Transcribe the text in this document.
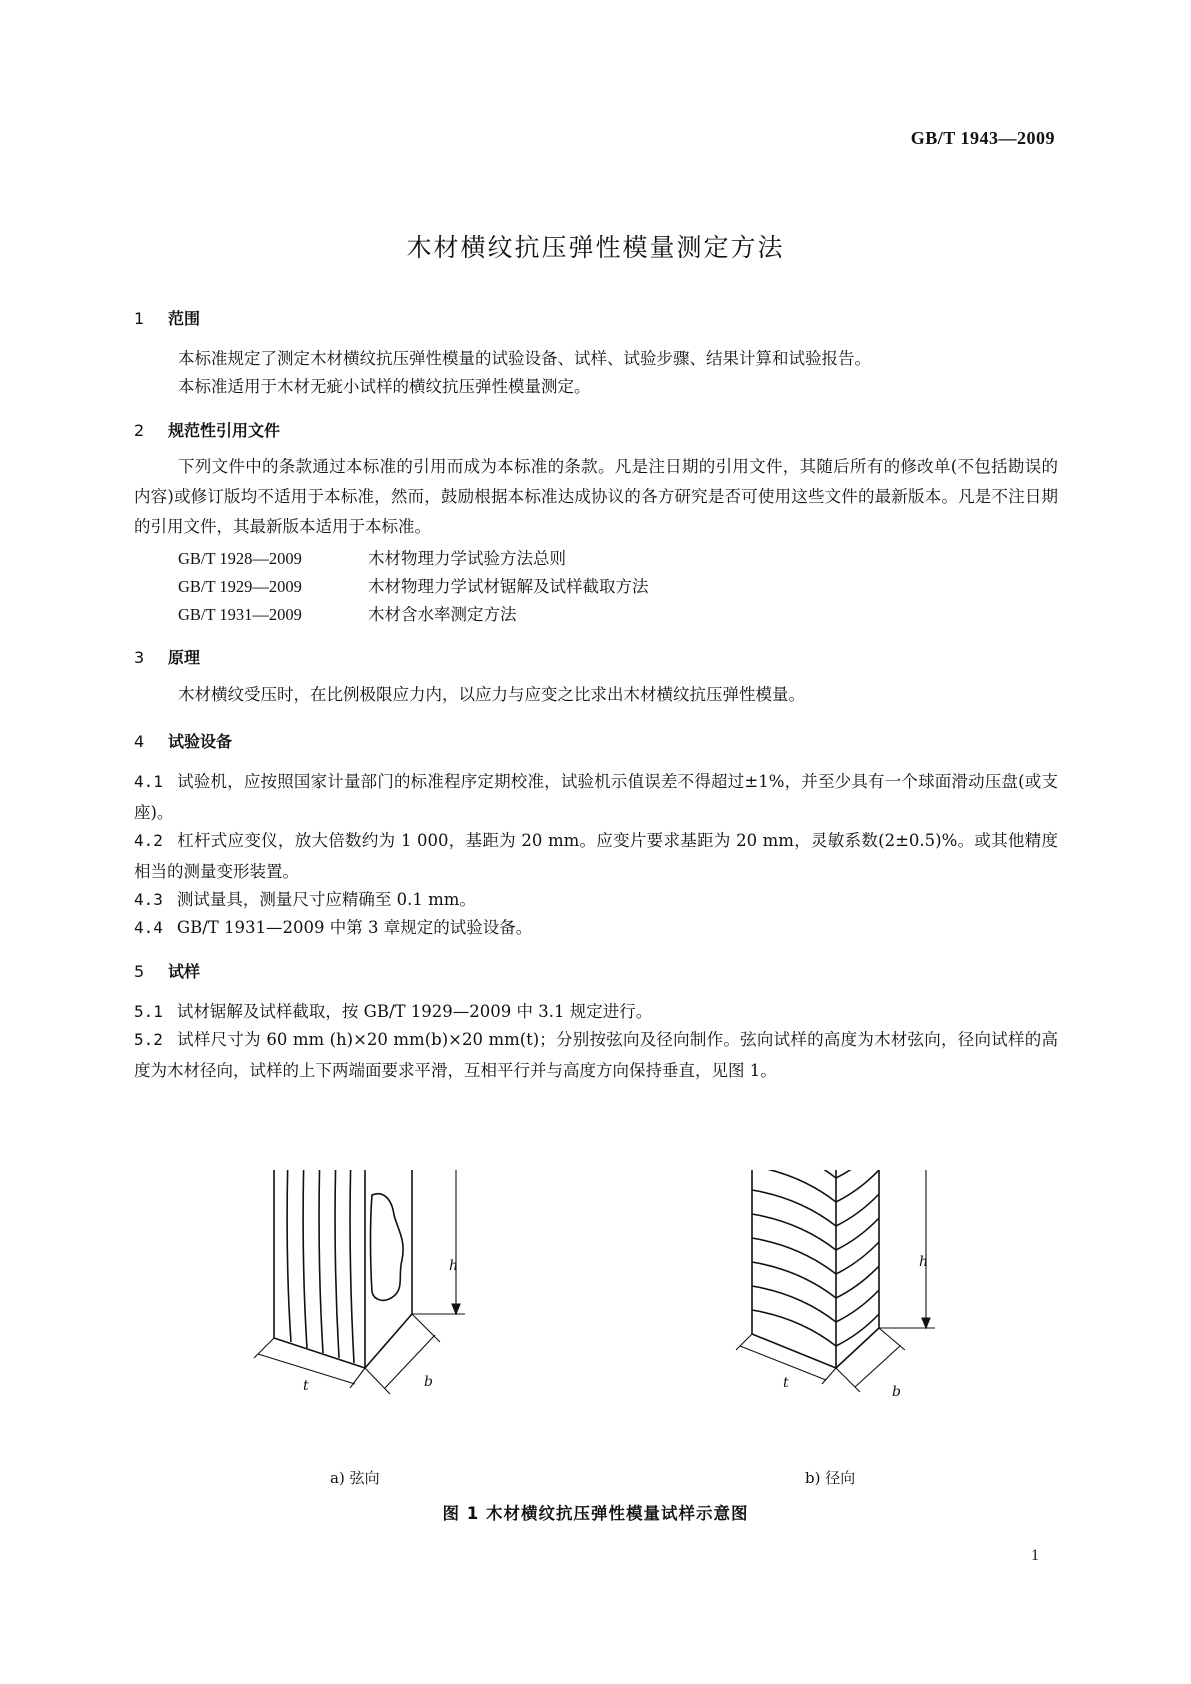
GB/T 1943—2009
木材横纹抗压弹性模量测定方法
1 范围
本标准规定了测定木材横纹抗压弹性模量的试验设备、试样、试验步骤、结果计算和试验报告。
本标准适用于木材无疵小试样的横纹抗压弹性模量测定。
2 规范性引用文件
下列文件中的条款通过本标准的引用而成为本标准的条款。凡是注日期的引用文件，其随后所有的修改单(不包括勘误的内容)或修订版均不适用于本标准，然而，鼓励根据本标准达成协议的各方研究是否可使用这些文件的最新版本。凡是不注日期的引用文件，其最新版本适用于本标准。
GB/T 1928—2009	木材物理力学试验方法总则
GB/T 1929—2009	木材物理力学试材锯解及试样截取方法
GB/T 1931—2009	木材含水率测定方法
3 原理
木材横纹受压时，在比例极限应力内，以应力与应变之比求出木材横纹抗压弹性模量。
4 试验设备
4.1 试验机，应按照国家计量部门的标准程序定期校准，试验机示值误差不得超过±1%，并至少具有一个球面滑动压盘(或支座)。
4.2 杠杆式应变仪，放大倍数约为 1 000，基距为 20 mm。应变片要求基距为 20 mm，灵敏系数(2±0.5)%。或其他精度相当的测量变形装置。
4.3 测试量具，测量尺寸应精确至 0.1 mm。
4.4 GB/T 1931—2009 中第 3 章规定的试验设备。
5 试样
5.1 试材锯解及试样截取，按 GB/T 1929—2009 中 3.1 规定进行。
5.2 试样尺寸为 60 mm (h)×20 mm(b)×20 mm(t)；分别按弦向及径向制作。弦向试样的高度为木材弦向，径向试样的高度为木材径向，试样的上下两端面要求平滑，互相平行并与高度方向保持垂直，见图 1。
h
b
t
h
b
t
a) 弦向	b) 径向
图 1 木材横纹抗压弹性模量试样示意图
1
